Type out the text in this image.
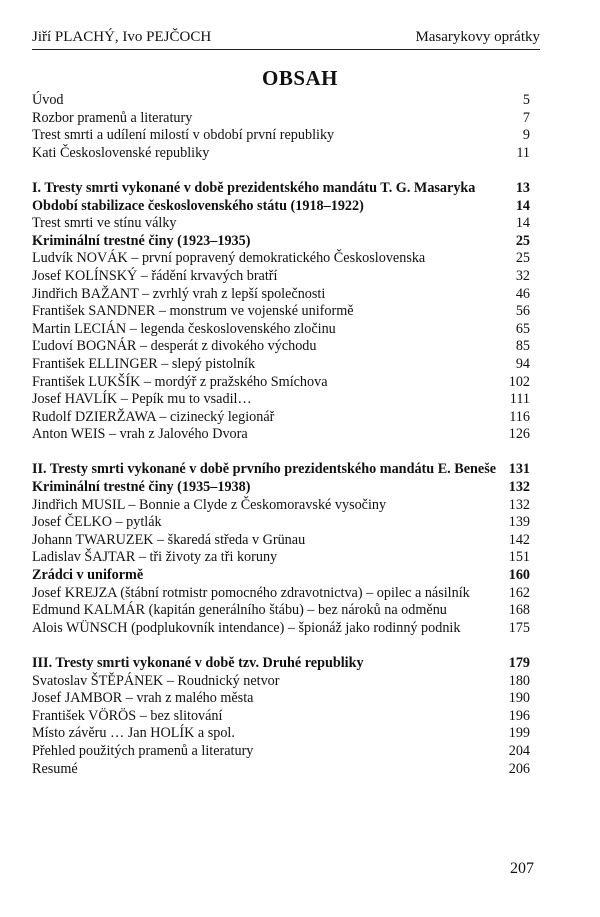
Jiří PLACHÝ, Ivo PEJČOCH	Masarykovy oprátky
OBSAH
Úvod	5
Rozbor pramenů a literatury	7
Trest smrti a udílení milostí v období první republiky	9
Kati Československé republiky	11
I. Tresty smrti vykonané v době prezidentského mandátu T. G. Masaryka	13
Období stabilizace československého státu (1918–1922)	14
Trest smrti ve stínu války	14
Kriminální trestné činy (1923–1935)	25
Ludvík NOVÁK – první popravený demokratického Československa	25
Josef KOLÍNSKÝ – řádění krvavých bratří	32
Jindřich BAŽANT – zvrhlý vrah z lepší společnosti	46
František SANDNER – monstrum ve vojenské uniformě	56
Martin LECIÁN – legenda československého zločinu	65
Ľudoví BOGNÁR – desperát z divokého východu	85
František ELLINGER – slepý pistolník	94
František LUKŠÍK – mordýř z pražského Smíchova	102
Josef HAVLÍK – Pepík mu to vsadil…	111
Rudolf DZIERŽAWA – cizinecký legionář	116
Anton WEIS – vrah z Jalového Dvora	126
II. Tresty smrti vykonané v době prvního prezidentského mandátu E. Beneše 131
Kriminální trestné činy (1935–1938)	132
Jindřich MUSIL – Bonnie a Clyde z Českomoravské vysočiny	132
Josef ČELKO – pytlák	139
Johann TWARUZEK – škaredá středa v Grünau	142
Ladislav ŠAJTAR – tři životy za tři koruny	151
Zrádci v uniformě	160
Josef KREJZA (štábní rotmistr pomocného zdravotnictva) – opilec a násilník	162
Edmund KALMÁR (kapitán generálního štábu) – bez nároků na odměnu	168
Alois WÜNSCH (podplukovník intendance) – špionáž jako rodinný podnik	175
III. Tresty smrti vykonané v době tzv. Druhé republiky	179
Svatoslav ŠTĚPÁNEK – Roudnický netvor	180
Josef JAMBOR – vrah z malého města	190
František VÖRÖS – bez slitování	196
Místo závěru … Jan HOLÍK a spol.	199
Přehled použitých pramenů a literatury	204
Resumé	206
207
